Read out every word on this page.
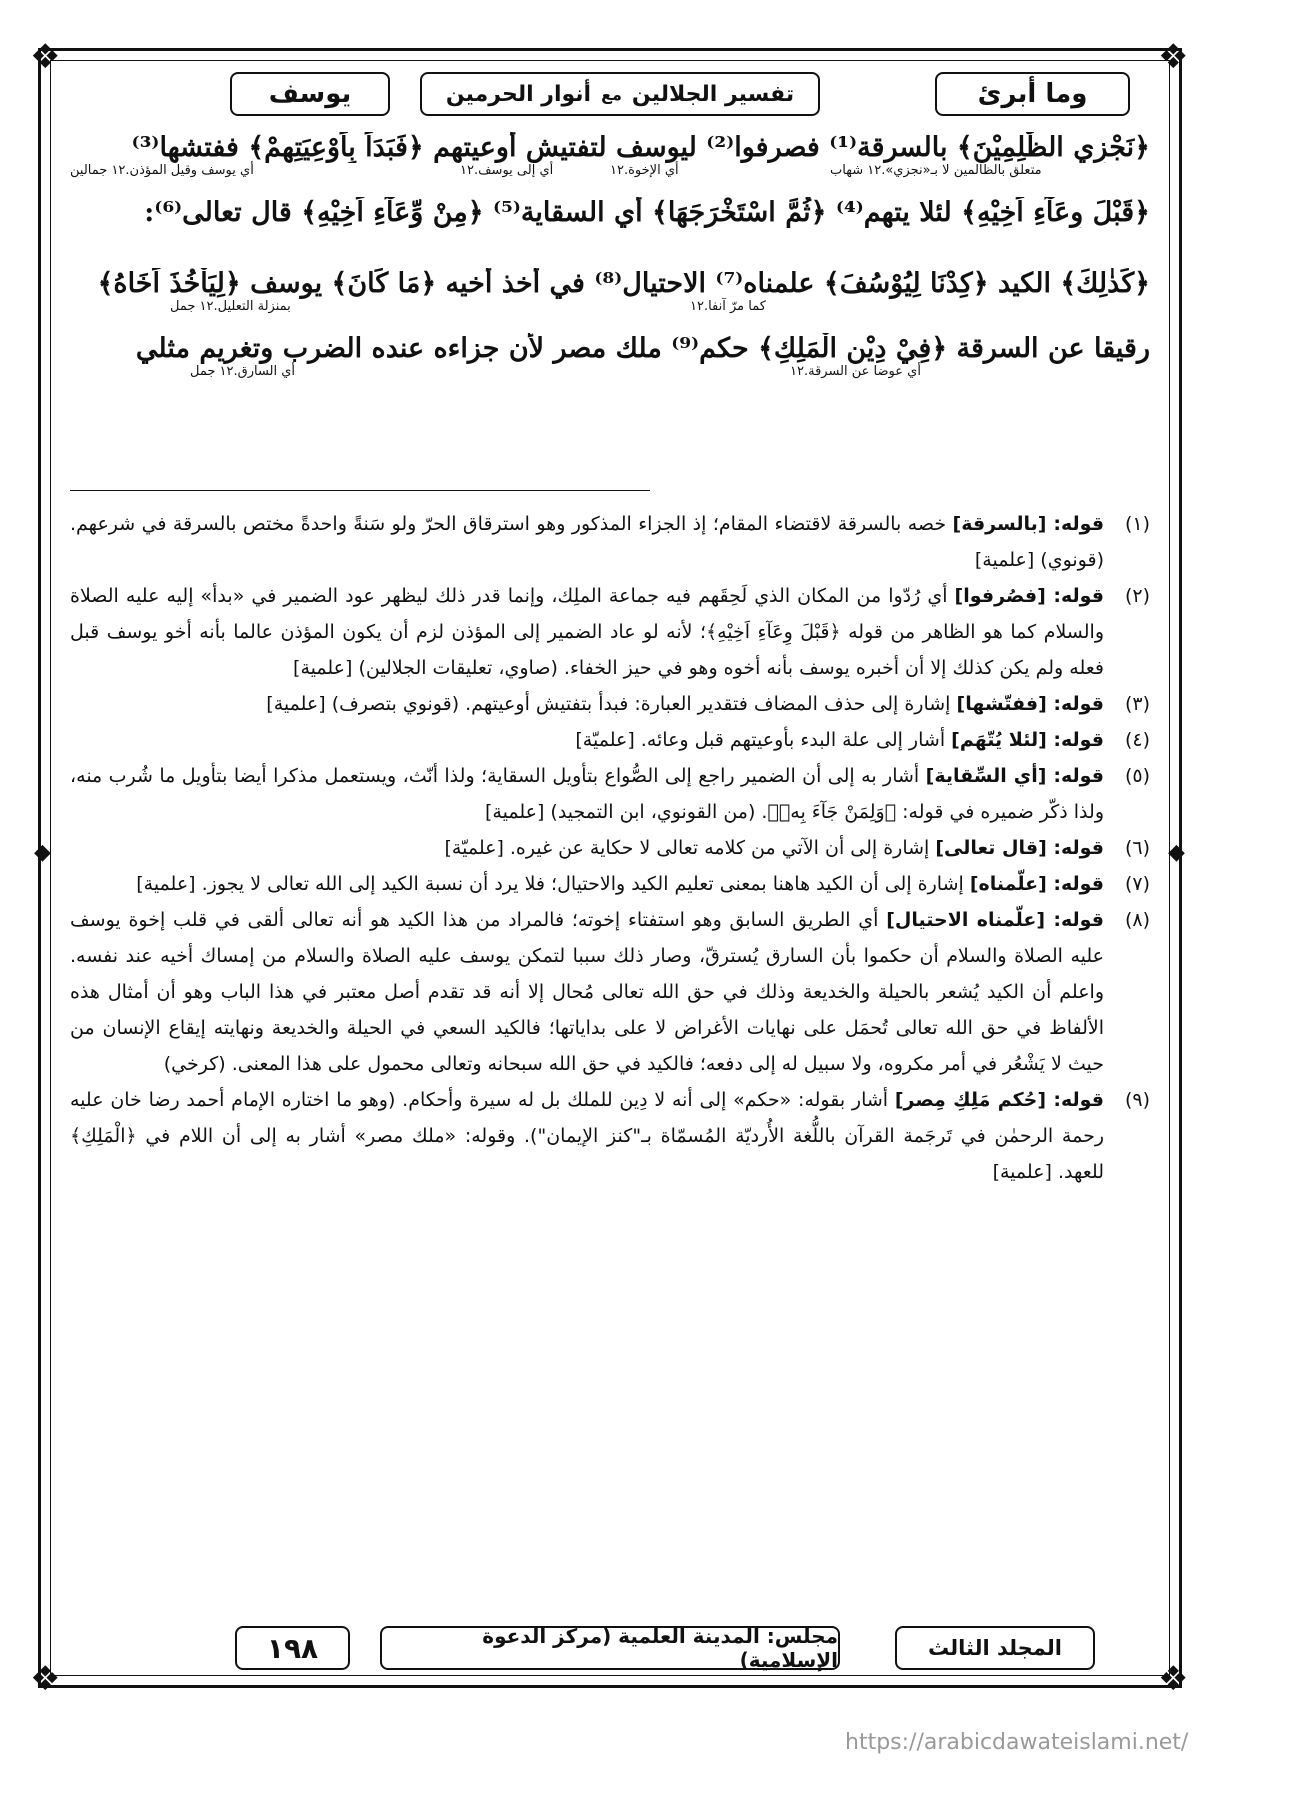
❖	❖
❖	❖
◆	◆
يوسف	تفسير الجلالين
مع
أنوار الحرمين	وما أبرئ
﴿نَجْزِي الظّٰلِمِيْنَ﴾ بالسرقة⁽¹⁾ فصرفوا⁽²⁾ ليوسف لتفتيش أوعيتهم ﴿فَبَدَاَ بِاَوْعِيَتِهِمْ﴾ ففتشها⁽³⁾
أي يوسف وقيل المؤذن.١٢ جمالين	أي إلى يوسف.١٢	أي الإخوة.١٢	متعلق بالظالمين لا بـ«نجزي».١٢ شهاب
﴿قَبْلَ وِعَآءِ اَخِيْهِ﴾ لئلا يتهم⁽⁴⁾ ﴿ثُمَّ اسْتَخْرَجَهَا﴾ أي السقاية⁽⁵⁾ ﴿مِنْ وِّعَآءِ اَخِيْهِ﴾ قال تعالى⁽⁶⁾:
﴿كَذٰلِكَ﴾ الكيد ﴿كِدْنَا لِيُوْسُفَ﴾ علمناه⁽⁷⁾ الاحتيال⁽⁸⁾ في أخذ أخيه ﴿مَا كَانَ﴾ يوسف ﴿لِيَاْخُذَ اَخَاهُ﴾
بمنزلة التعليل.١٢ جمل	كما مرّ آنفا.١٢
رقيقا عن السرقة ﴿فِيْ دِيْنِ الْمَلِكِ﴾ حكم⁽⁹⁾ ملك مصر لأن جزاءه عنده الضرب وتغريم مثلي
أي السارق.١٢ جمل	أي عوضا عن السرقة.١٢
(١)
قوله: [بالسرقة] خصه بالسرقة لاقتضاء المقام؛ إذ الجزاء المذكور وهو استرقاق الحرّ ولو سَنةً واحدةً مختص بالسرقة في شرعهم. (قونوي) [علمية]
(٢)
قوله: [فصُرفوا] أي رُدّوا من المكان الذي لَحِقَهم فيه جماعة الملِك، وإنما قدر ذلك ليظهر عود الضمير في «بدأ» إليه عليه الصلاة والسلام كما هو الظاهر من قوله ﴿قَبْلَ وِعَآءِ اَخِيْهِ﴾؛ لأنه لو عاد الضمير إلى المؤذن لزم أن يكون المؤذن عالما بأنه أخو يوسف قبل فعله ولم يكن كذلك إلا أن أخبره يوسف بأنه أخوه وهو في حيز الخفاء. (صاوي، تعليقات الجلالين) [علمية]
(٣)
قوله: [ففتّشها] إشارة إلى حذف المضاف فتقدير العبارة: فبدأ بتفتيش أوعيتهم. (قونوي بتصرف) [علمية]
(٤)
قوله: [لئلا يُتّهَم] أشار إلى علة البدء بأوعيتهم قبل وعائه. [علميّة]
(٥)
قوله: [أي السِّقاية] أشار به إلى أن الضمير راجع إلى الصُّواع بتأويل السقاية؛ ولذا أنّث، ويستعمل مذكرا أيضا بتأويل ما شُرب منه، ولذا ذكّر ضميره في قوله: ﴿وَلِمَنْ جَآءَ بِهٖ﴾. (من القونوي، ابن التمجيد) [علمية]
(٦)
قوله: [قال تعالى] إشارة إلى أن الآتي من كلامه تعالى لا حكاية عن غيره. [علميّة]
(٧)
قوله: [علّمناه] إشارة إلى أن الكيد هاهنا بمعنى تعليم الكيد والاحتيال؛ فلا يرد أن نسبة الكيد إلى الله تعالى لا يجوز. [علمية]
(٨)
قوله: [علّمناه الاحتيال] أي الطريق السابق وهو استفتاء إخوته؛ فالمراد من هذا الكيد هو أنه تعالى ألقى في قلب إخوة يوسف عليه الصلاة والسلام أن حكموا بأن السارق يُسترقّ، وصار ذلك سببا لتمكن يوسف عليه الصلاة والسلام من إمساك أخيه عند نفسه. واعلم أن الكيد يُشعر بالحيلة والخديعة وذلك في حق الله تعالى مُحال إلا أنه قد تقدم أصل معتبر في هذا الباب وهو أن أمثال هذه الألفاظ في حق الله تعالى تُحمَل على نهايات الأغراض لا على بداياتها؛ فالكيد السعي في الحيلة والخديعة ونهايته إيقاع الإنسان من حيث لا يَشْعُر في أمر مكروه، ولا سبيل له إلى دفعه؛ فالكيد في حق الله سبحانه وتعالى محمول على هذا المعنى. (كرخي)
(٩)
قوله: [حُكم مَلِكِ مِصر] أشار بقوله: «حكم» إلى أنه لا دِين للملك بل له سيرة وأحكام. (وهو ما اختاره الإمام أحمد رضا خان عليه رحمة الرحمٰن في تَرجَمة القرآن باللُّغة الأُرديّة المُسمّاة بـ"كنز الإيمان"). وقوله: «ملك مصر» أشار به إلى أن اللام في ﴿الْمَلِكِ﴾ للعهد. [علمية]
المجلد الثالث
مجلس: المدينة العلمية (مركز الدعوة الإسلامية)
١٩٨
https://arabicdawateislami.net/
